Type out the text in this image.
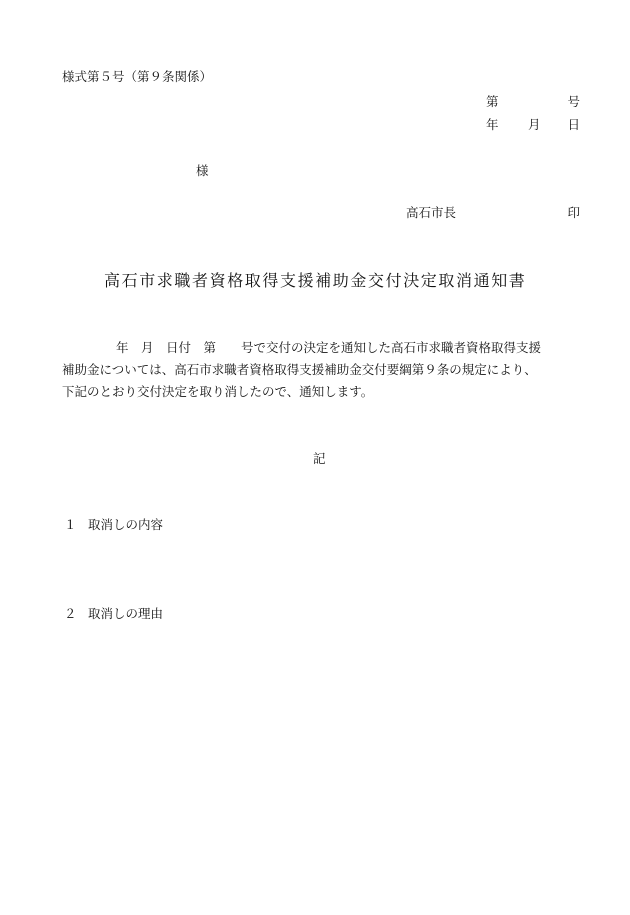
様式第５号（第９条関係）
第	号
年 月 日
様
高石市長	印
高石市求職者資格取得支援補助金交付決定取消通知書

年　月　日付　第　　号で交付の決定を通知した高石市求職者資格取得支援

補助金については、高石市求職者資格取得支援補助金交付要綱第９条の規定により、

下記のとおり交付決定を取り消したので、通知します。

記
１ 取消しの内容
２ 取消しの理由
